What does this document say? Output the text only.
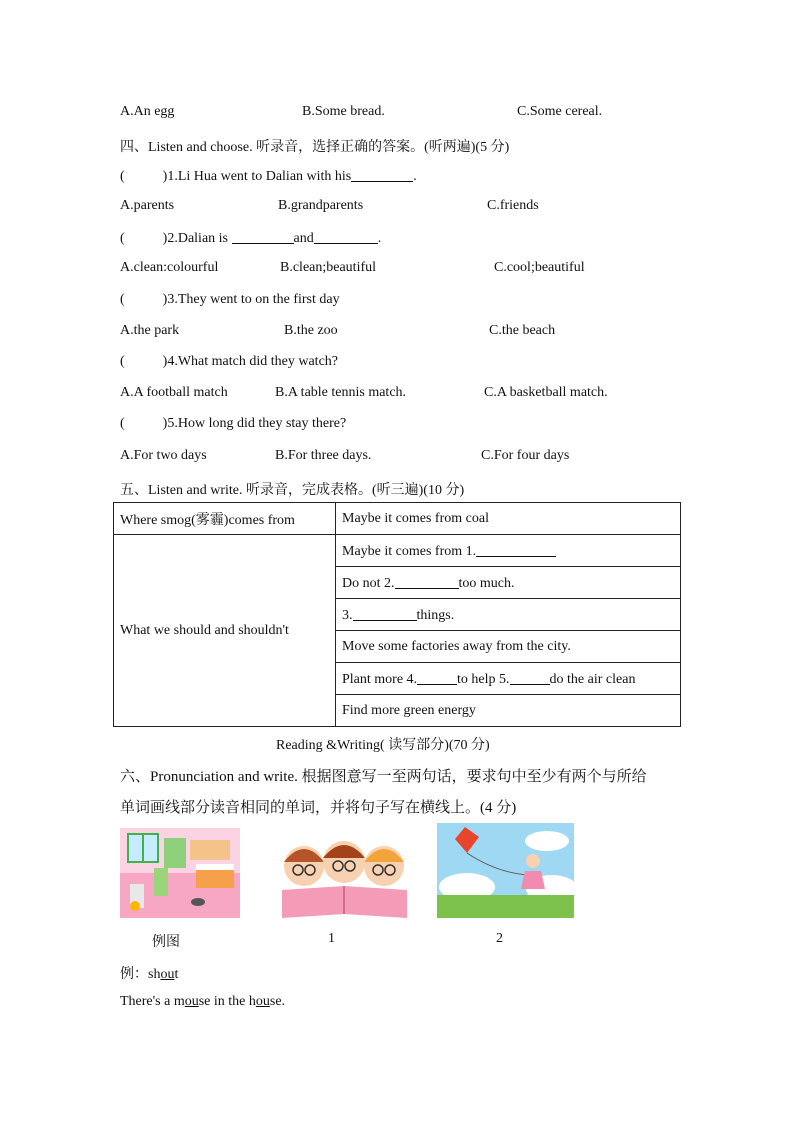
A.An egg	B.Some bread.	C.Some cereal.
四、Listen and choose. 听录音，选择正确的答案。(听两遍)(5 分)
(	)1.Li Hua went to Dalian with his	.
A.parents	B.grandparents	C.friends
(	)2.Dalian is	and	.
A.clean:colourful	B.clean;beautiful	C.cool;beautiful
(	)3.They went to on the first day
A.the park	B.the zoo	C.the beach
(	)4.What match did they watch?
A.A football match	B.A table tennis match.	C.A basketball match.
(	)5.How long did they stay there?
A.For two days	B.For three days.	C.For four days
五、Listen and write. 听录音，完成表格。(听三遍)(10 分)
Where smog(雾霾)comes from	Maybe it comes from coal
What we should and shouldn't	Maybe it comes from 1.
	Do not 2. too much.
	3. things.
	Move some factories away from the city.
	Plant more 4. to help 5. do the air clean
	Find more green energy
Reading &Writing( 读写部分)(70 分)
六、Pronunciation and write. 根据图意写一至两句话，要求句中至少有两个与所给
单词画线部分读音相同的单词，并将句子写在横线上。(4 分)
例图	1	2
例：shout
There's a mouse in the house.
